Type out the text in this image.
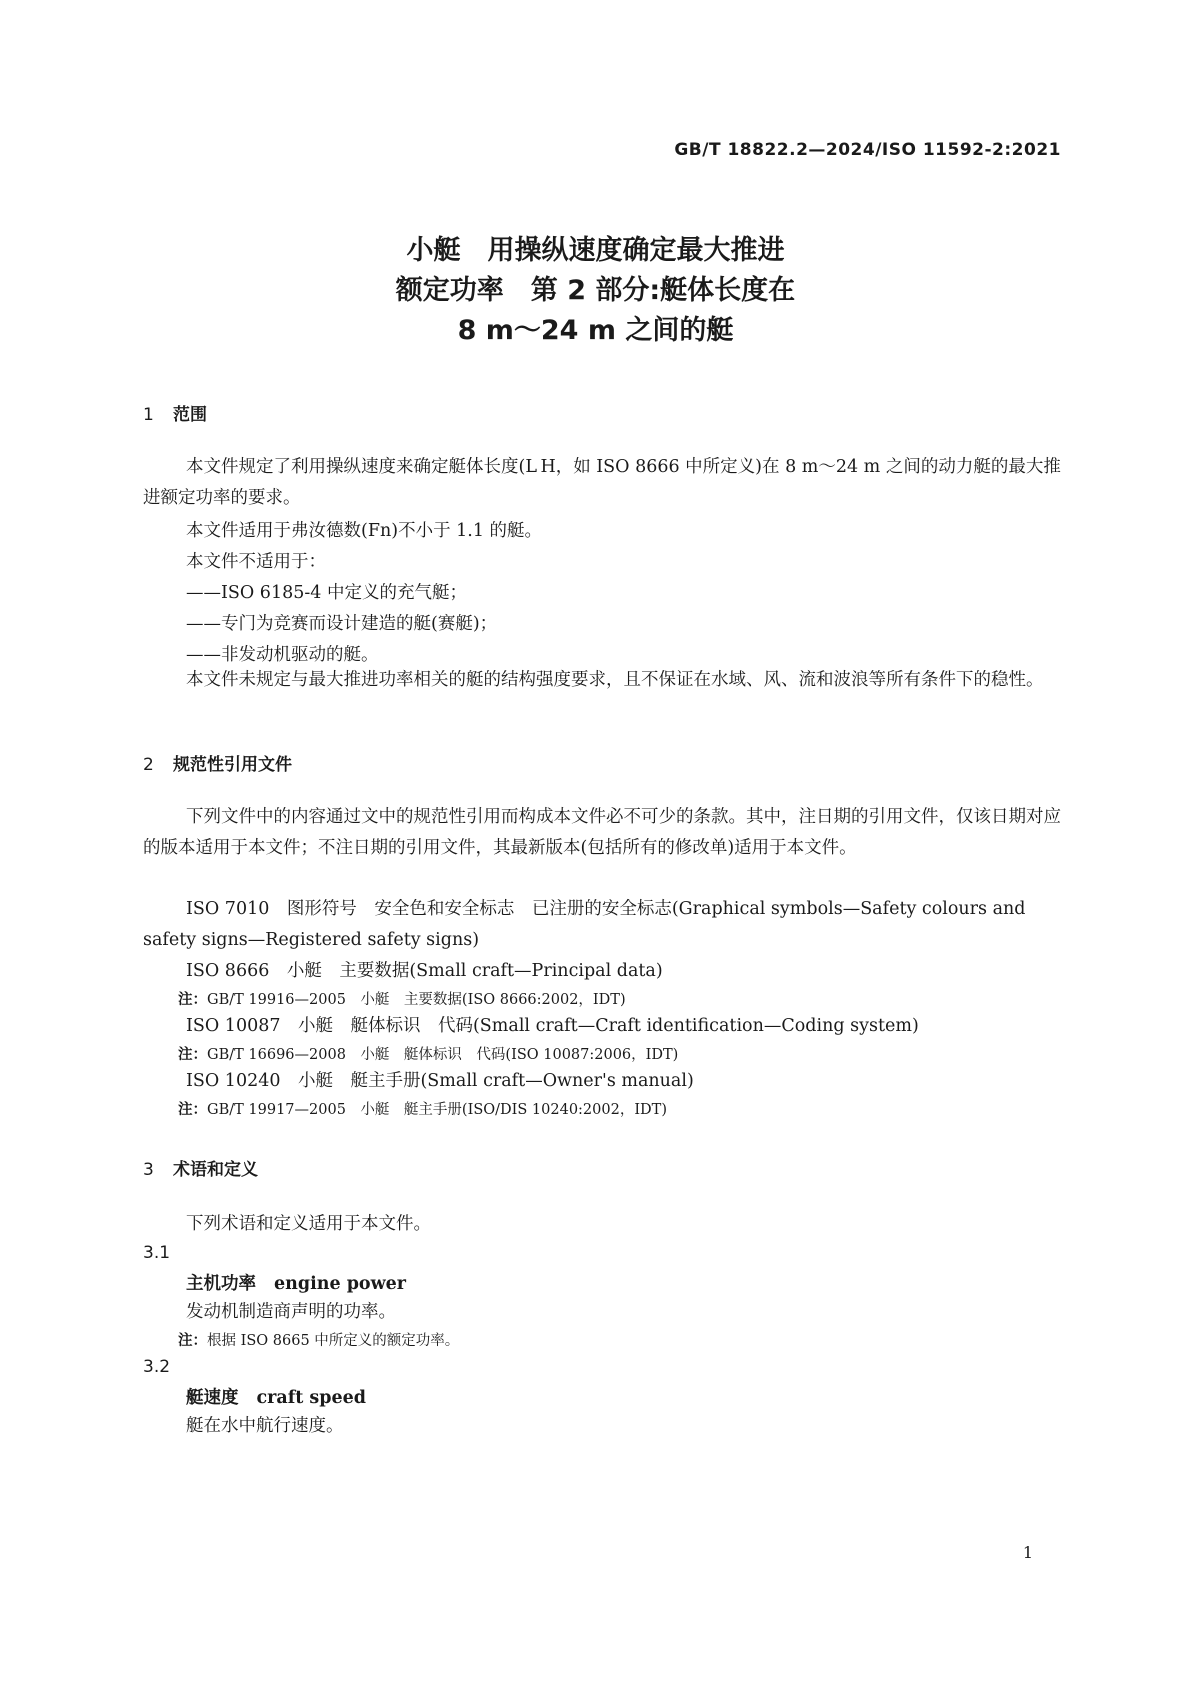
GB/T 18822.2—2024/ISO 11592-2:2021
小艇　用操纵速度确定最大推进
额定功率　第 2 部分:艇体长度在
8 m～24 m 之间的艇
1 范围
本文件规定了利用操纵速度来确定艇体长度(L H，如 ISO 8666 中所定义)在 8 m～24 m 之间的动力艇的最大推进额定功率的要求。
本文件适用于弗汝德数(Fn)不小于 1.1 的艇。
本文件不适用于：
——ISO 6185-4 中定义的充气艇；
——专门为竞赛而设计建造的艇(赛艇)；
——非发动机驱动的艇。
本文件未规定与最大推进功率相关的艇的结构强度要求，且不保证在水域、风、流和波浪等所有条件下的稳性。
2 规范性引用文件
下列文件中的内容通过文中的规范性引用而构成本文件必不可少的条款。其中，注日期的引用文件，仅该日期对应的版本适用于本文件；不注日期的引用文件，其最新版本(包括所有的修改单)适用于本文件。
ISO 7010　图形符号　安全色和安全标志　已注册的安全标志(Graphical symbols—Safety colours and safety signs—Registered safety signs)
ISO 8666　小艇　主要数据(Small craft—Principal data)
注：GB/T 19916—2005　小艇　主要数据(ISO 8666:2002，IDT)
ISO 10087　小艇　艇体标识　代码(Small craft—Craft identification—Coding system)
注：GB/T 16696—2008　小艇　艇体标识　代码(ISO 10087:2006，IDT)
ISO 10240　小艇　艇主手册(Small craft—Owner's manual)
注：GB/T 19917—2005　小艇　艇主手册(ISO/DIS 10240:2002，IDT)
3 术语和定义
下列术语和定义适用于本文件。
3.1
主机功率 engine power
发动机制造商声明的功率。
注：根据 ISO 8665 中所定义的额定功率。
3.2
艇速度 craft speed
艇在水中航行速度。
1
